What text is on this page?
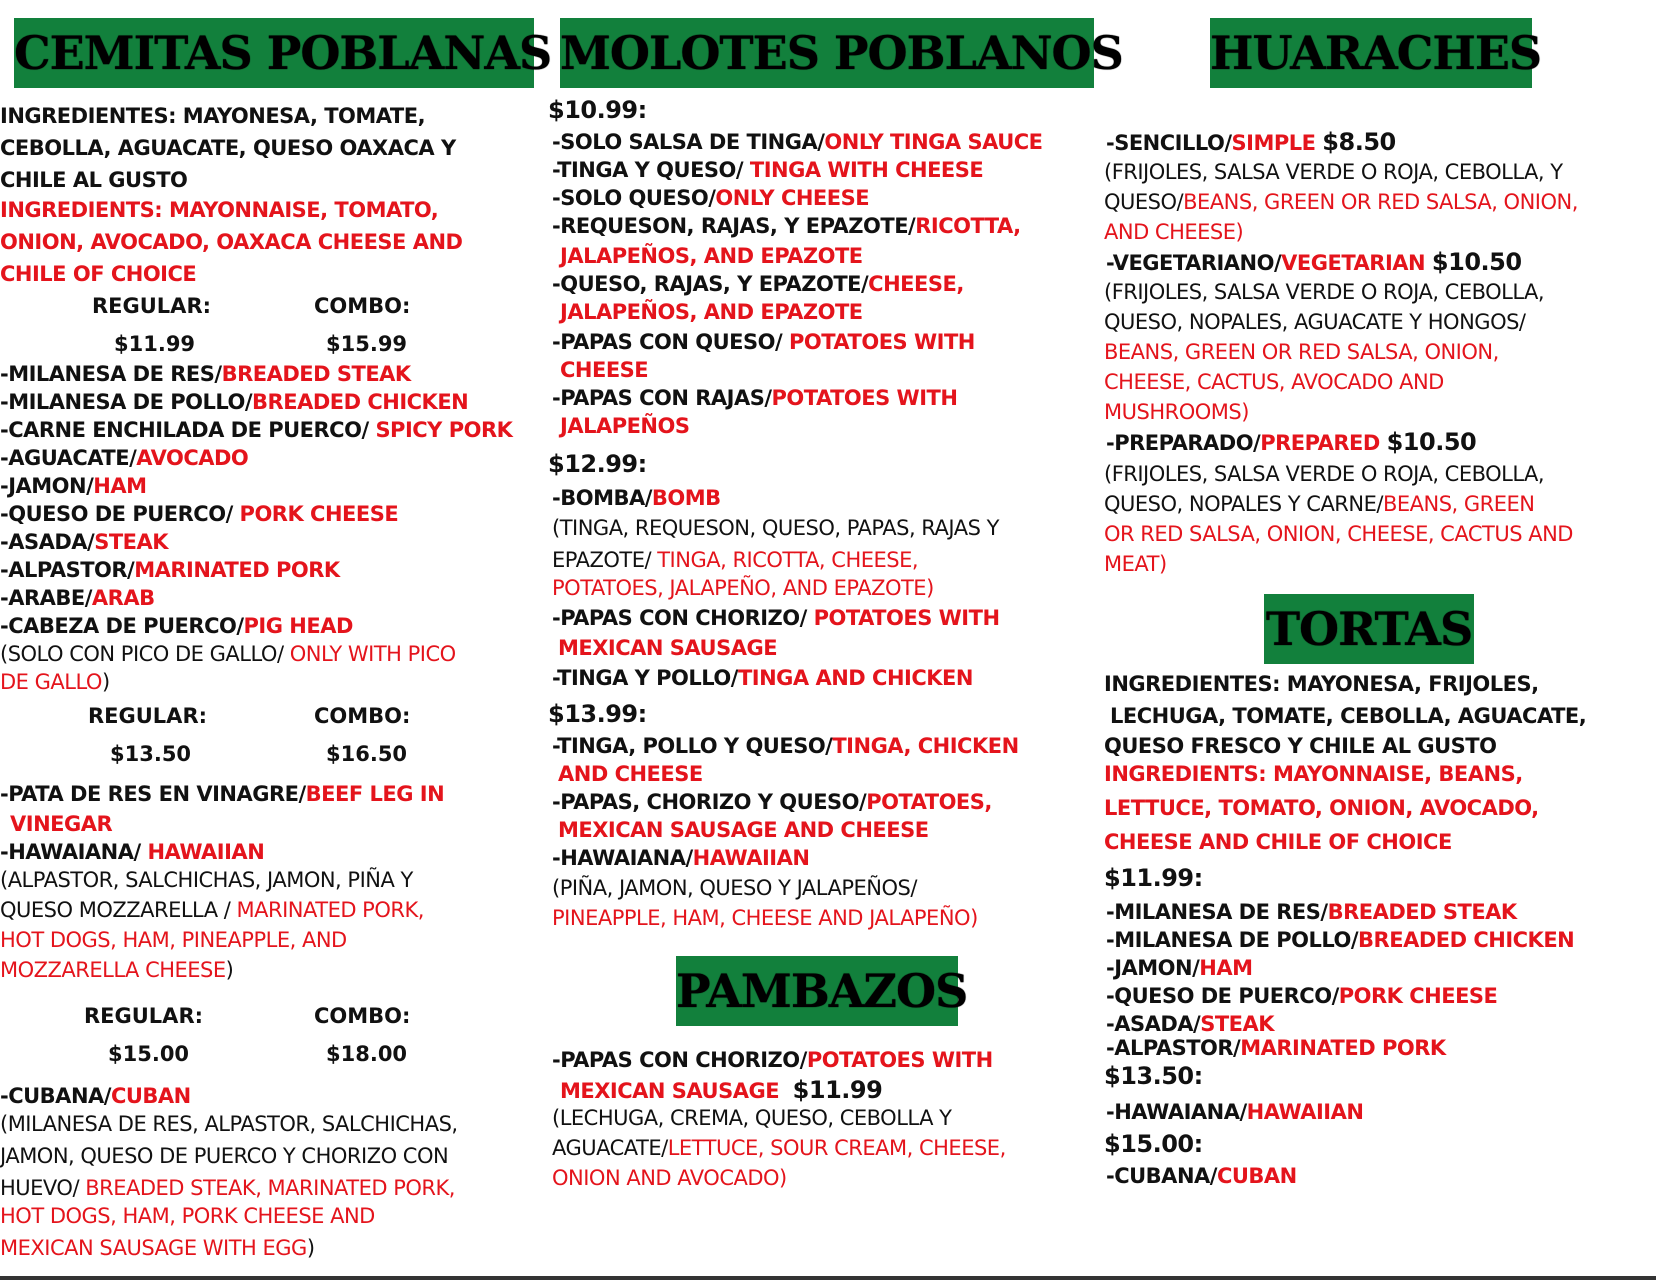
CEMITAS POBLANAS

INGREDIENTES: MAYONESA, TOMATE,

CEBOLLA, AGUACATE, QUESO OAXACA Y

CHILE AL GUSTO

INGREDIENTS: MAYONNAISE, TOMATO,

ONION, AVOCADO, OAXACA CHEESE AND

CHILE OF CHOICE

REGULAR:	COMBO:
$11.99	$15.99

-MILANESA DE RES/BREADED STEAK

-MILANESA DE POLLO/BREADED CHICKEN

-CARNE ENCHILADA DE PUERCO/ SPICY PORK

-AGUACATE/AVOCADO

-JAMON/HAM

-QUESO DE PUERCO/ PORK CHEESE

-ASADA/STEAK

-ALPASTOR/MARINATED PORK

-ARABE/ARAB

-CABEZA DE PUERCO/PIG HEAD

(SOLO CON PICO DE GALLO/ ONLY WITH PICO

DE GALLO)

REGULAR:	COMBO:
$13.50	$16.50

-PATA DE RES EN VINAGRE/BEEF LEG IN

VINEGAR

-HAWAIANA/ HAWAIIAN

(ALPASTOR, SALCHICHAS, JAMON, PIÑA Y

QUESO MOZZARELLA / MARINATED PORK,

HOT DOGS, HAM, PINEAPPLE, AND

MOZZARELLA CHEESE)

REGULAR:	COMBO:
$15.00	$18.00

-CUBANA/CUBAN

(MILANESA DE RES, ALPASTOR, SALCHICHAS,

JAMON, QUESO DE PUERCO Y CHORIZO CON

HUEVO/ BREADED STEAK, MARINATED PORK,

HOT DOGS, HAM, PORK CHEESE AND

MEXICAN SAUSAGE WITH EGG)

MOLOTES POBLANOS

$10.99:

-SOLO SALSA DE TINGA/ONLY TINGA SAUCE

-TINGA Y QUESO/ TINGA WITH CHEESE

-SOLO QUESO/ONLY CHEESE

-REQUESON, RAJAS, Y EPAZOTE/RICOTTA,

JALAPEÑOS, AND EPAZOTE

-QUESO, RAJAS, Y EPAZOTE/CHEESE,

JALAPEÑOS, AND EPAZOTE

-PAPAS CON QUESO/ POTATOES WITH

CHEESE

-PAPAS CON RAJAS/POTATOES WITH

JALAPEÑOS

$12.99:

-BOMBA/BOMB

(TINGA, REQUESON, QUESO, PAPAS, RAJAS Y

EPAZOTE/ TINGA, RICOTTA, CHEESE,

POTATOES, JALAPEÑO, AND EPAZOTE)

-PAPAS CON CHORIZO/ POTATOES WITH

MEXICAN SAUSAGE

-TINGA Y POLLO/TINGA AND CHICKEN

$13.99:

-TINGA, POLLO Y QUESO/TINGA, CHICKEN

AND CHEESE

-PAPAS, CHORIZO Y QUESO/POTATOES,

MEXICAN SAUSAGE AND CHEESE

-HAWAIANA/HAWAIIAN

(PIÑA, JAMON, QUESO Y JALAPEÑOS/

PINEAPPLE, HAM, CHEESE AND JALAPEÑO)

PAMBAZOS

-PAPAS CON CHORIZO/POTATOES WITH

MEXICAN SAUSAGE $11.99

(LECHUGA, CREMA, QUESO, CEBOLLA Y

AGUACATE/LETTUCE, SOUR CREAM, CHEESE,

ONION AND AVOCADO)

HUARACHES

-SENCILLO/SIMPLE $8.50

(FRIJOLES, SALSA VERDE O ROJA, CEBOLLA, Y

QUESO/BEANS, GREEN OR RED SALSA, ONION,

AND CHEESE)

-VEGETARIANO/VEGETARIAN $10.50

(FRIJOLES, SALSA VERDE O ROJA, CEBOLLA,

QUESO, NOPALES, AGUACATE Y HONGOS/

BEANS, GREEN OR RED SALSA, ONION,

CHEESE, CACTUS, AVOCADO AND

MUSHROOMS)

-PREPARADO/PREPARED $10.50

(FRIJOLES, SALSA VERDE O ROJA, CEBOLLA,

QUESO, NOPALES Y CARNE/BEANS, GREEN

OR RED SALSA, ONION, CHEESE, CACTUS AND

MEAT)

TORTAS

INGREDIENTES: MAYONESA, FRIJOLES,

LECHUGA, TOMATE, CEBOLLA, AGUACATE,

QUESO FRESCO Y CHILE AL GUSTO

INGREDIENTS: MAYONNAISE, BEANS,

LETTUCE, TOMATO, ONION, AVOCADO,

CHEESE AND CHILE OF CHOICE

$11.99:

-MILANESA DE RES/BREADED STEAK

-MILANESA DE POLLO/BREADED CHICKEN

-JAMON/HAM

-QUESO DE PUERCO/PORK CHEESE

-ASADA/STEAK

-ALPASTOR/MARINATED PORK

$13.50:

-HAWAIANA/HAWAIIAN

$15.00:

-CUBANA/CUBAN
